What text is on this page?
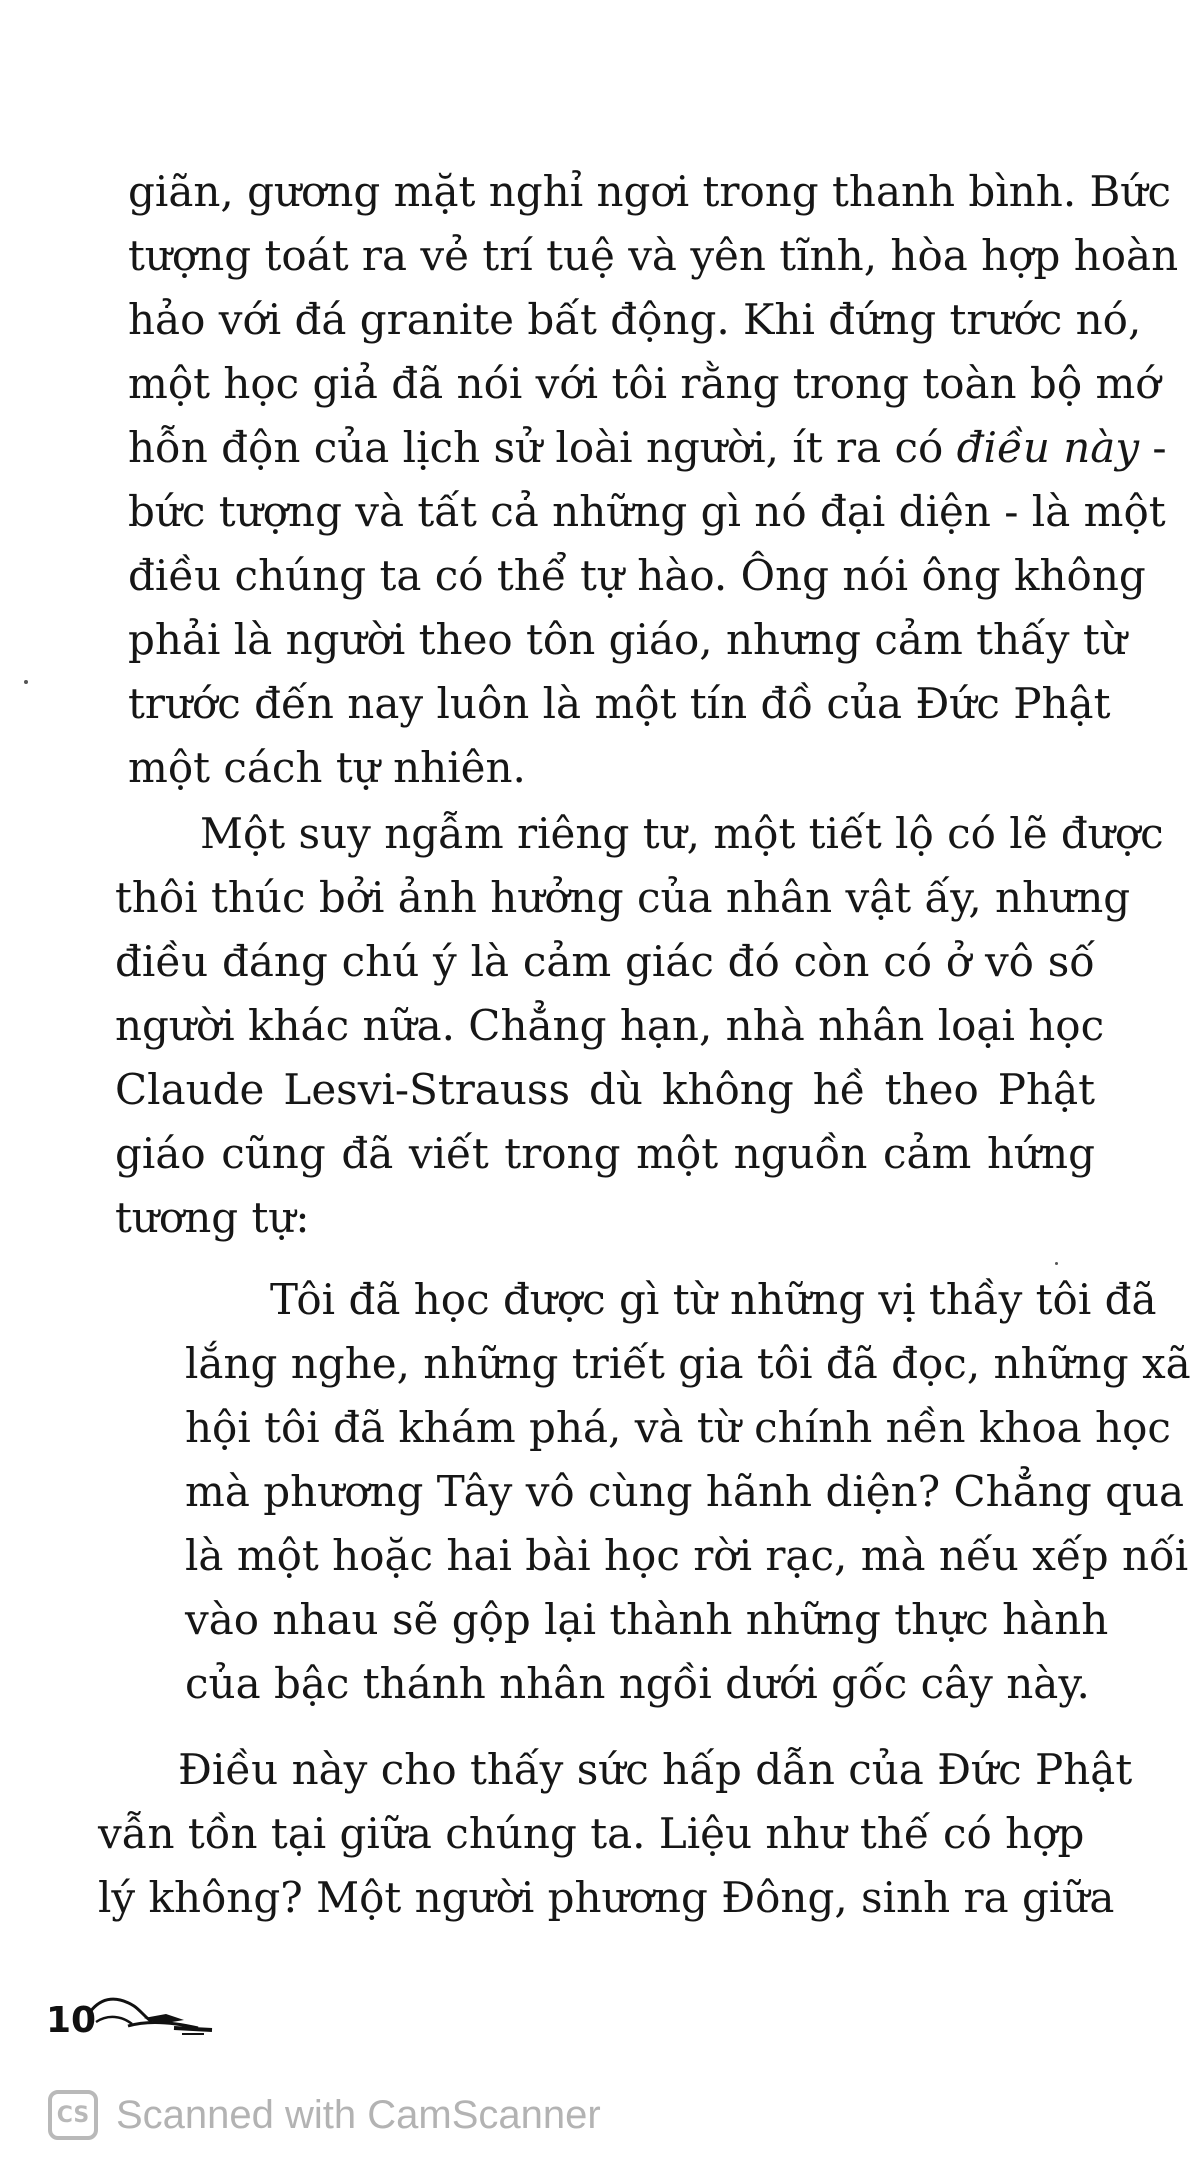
giãn, gương mặt nghỉ ngơi trong thanh bình. Bức
tượng toát ra vẻ trí tuệ và yên tĩnh, hòa hợp hoàn
hảo với đá granite bất động. Khi đứng trước nó,
một học giả đã nói với tôi rằng trong toàn bộ mớ
hỗn độn của lịch sử loài người, ít ra có điều này -
bức tượng và tất cả những gì nó đại diện - là một
điều chúng ta có thể tự hào. Ông nói ông không
phải là người theo tôn giáo, nhưng cảm thấy từ
trước đến nay luôn là một tín đồ của Đức Phật
một cách tự nhiên.
Một suy ngẫm riêng tư, một tiết lộ có lẽ được
thôi thúc bởi ảnh hưởng của nhân vật ấy, nhưng
điều đáng chú ý là cảm giác đó còn có ở vô số
người khác nữa. Chẳng hạn, nhà nhân loại học
Claude Lesvi-Strauss dù không hề theo Phật
giáo cũng đã viết trong một nguồn cảm hứng
tương tự:
Tôi đã học được gì từ những vị thầy tôi đã
lắng nghe, những triết gia tôi đã đọc, những xã
hội tôi đã khám phá, và từ chính nền khoa học
mà phương Tây vô cùng hãnh diện? Chẳng qua
là một hoặc hai bài học rời rạc, mà nếu xếp nối
vào nhau sẽ gộp lại thành những thực hành
của bậc thánh nhân ngồi dưới gốc cây này.
Điều này cho thấy sức hấp dẫn của Đức Phật
vẫn tồn tại giữa chúng ta. Liệu như thế có hợp
lý không? Một người phương Đông, sinh ra giữa
10
CS Scanned with CamScanner
